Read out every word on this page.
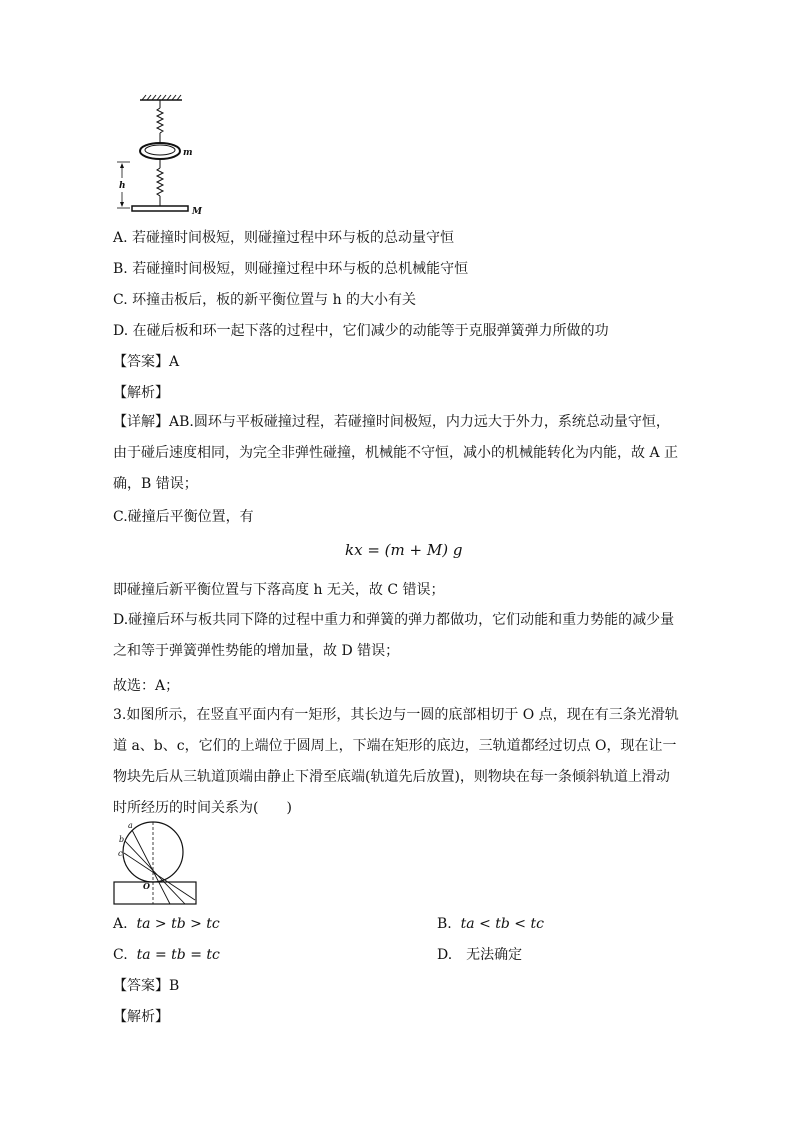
m
M
h
A. 若碰撞时间极短，则碰撞过程中环与板的总动量守恒
B. 若碰撞时间极短，则碰撞过程中环与板的总机械能守恒
C. 环撞击板后，板的新平衡位置与 h 的大小有关
D. 在碰后板和环一起下落的过程中，它们减少的动能等于克服弹簧弹力所做的功
【答案】A
【解析】
【详解】AB.圆环与平板碰撞过程，若碰撞时间极短，内力远大于外力，系统总动量守恒，由于碰后速度相同，为完全非弹性碰撞，机械能不守恒，减小的机械能转化为内能，故 A 正确，B 错误；
C.碰撞后平衡位置，有
kx = (m + M) g
即碰撞后新平衡位置与下落高度 h 无关，故 C 错误；
D.碰撞后环与板共同下降的过程中重力和弹簧的弹力都做功，它们动能和重力势能的减少量之和等于弹簧弹性势能的增加量，故 D 错误；
故选：A；
3.如图所示，在竖直平面内有一矩形，其长边与一圆的底部相切于 O 点，现在有三条光滑轨道 a、b、c，它们的上端位于圆周上，下端在矩形的底边，三轨道都经过切点 O，现在让一物块先后从三轨道顶端由静止下滑至底端(轨道先后放置)，则物块在每一条倾斜轨道上滑动时所经历的时间关系为(　　)
a
b
c
O
A. ta > tb > tc	B. ta < tb < tc
C. ta = tb = tc	D.　无法确定
【答案】B
【解析】
